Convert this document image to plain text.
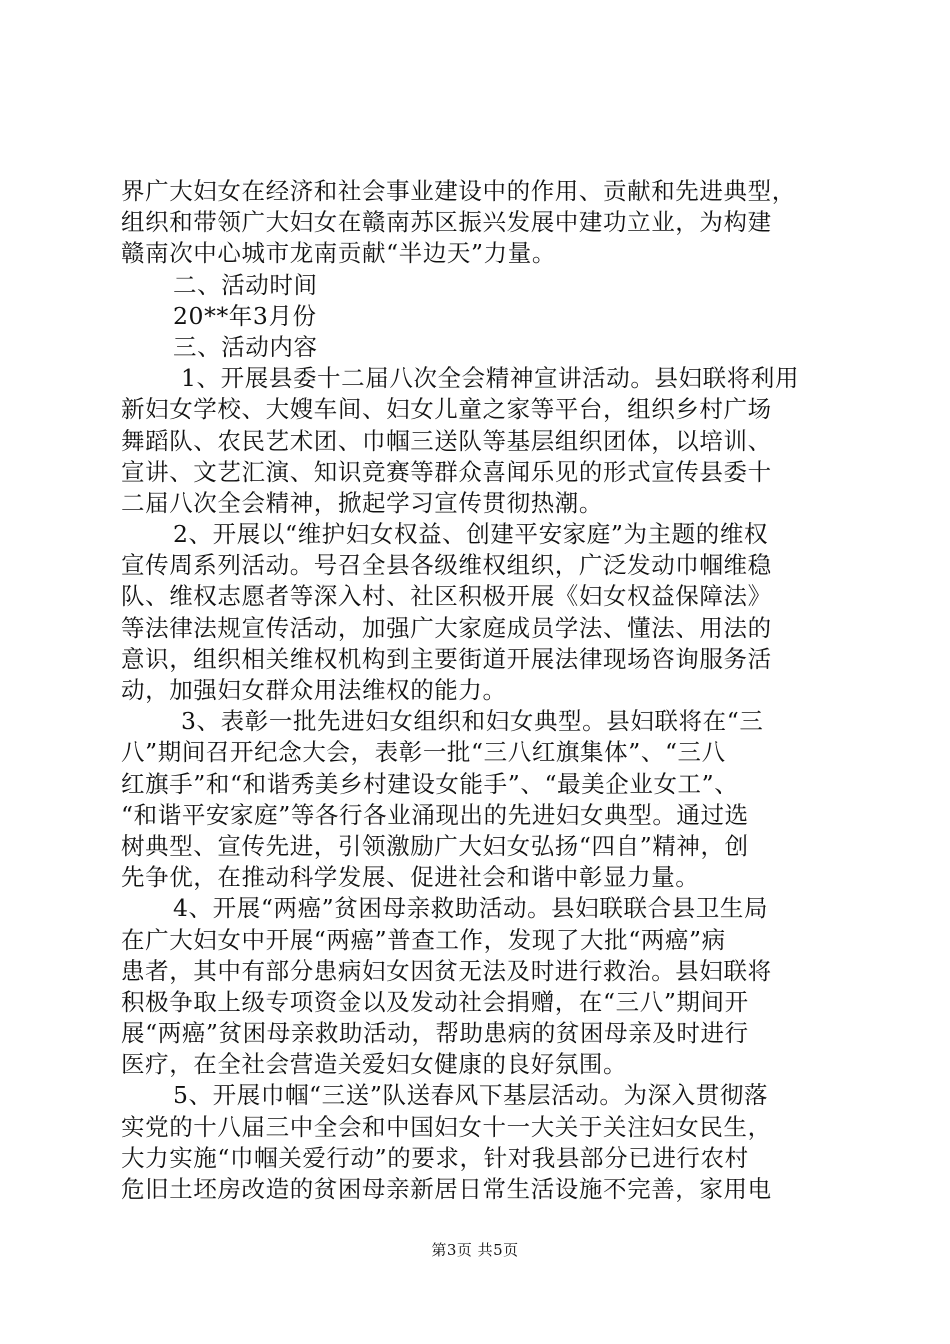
界广大妇女在经济和社会事业建设中的作用、贡献和先进典型，
组织和带领广大妇女在赣南苏区振兴发展中建功立业，为构建
赣南次中心城市龙南贡献“半边天”力量。
二、活动时间
20**年3月份
三、活动内容
1、开展县委十二届八次全会精神宣讲活动。县妇联将利用
新妇女学校、大嫂车间、妇女儿童之家等平台，组织乡村广场
舞蹈队、农民艺术团、巾帼三送队等基层组织团体，以培训、
宣讲、文艺汇演、知识竞赛等群众喜闻乐见的形式宣传县委十
二届八次全会精神，掀起学习宣传贯彻热潮。
2、开展以“维护妇女权益、创建平安家庭”为主题的维权
宣传周系列活动。号召全县各级维权组织，广泛发动巾帼维稳
队、维权志愿者等深入村、社区积极开展《妇女权益保障法》
等法律法规宣传活动，加强广大家庭成员学法、懂法、用法的
意识，组织相关维权机构到主要街道开展法律现场咨询服务活
动，加强妇女群众用法维权的能力。
3、表彰一批先进妇女组织和妇女典型。县妇联将在“三
八”期间召开纪念大会，表彰一批“三八红旗集体”、“三八
红旗手”和“和谐秀美乡村建设女能手”、“最美企业女工”、
“和谐平安家庭”等各行各业涌现出的先进妇女典型。通过选
树典型、宣传先进，引领激励广大妇女弘扬“四自”精神，创
先争优，在推动科学发展、促进社会和谐中彰显力量。
4、开展“两癌”贫困母亲救助活动。县妇联联合县卫生局
在广大妇女中开展“两癌”普查工作，发现了大批“两癌”病
患者，其中有部分患病妇女因贫无法及时进行救治。县妇联将
积极争取上级专项资金以及发动社会捐赠，在“三八”期间开
展“两癌”贫困母亲救助活动，帮助患病的贫困母亲及时进行
医疗，在全社会营造关爱妇女健康的良好氛围。
5、开展巾帼“三送”队送春风下基层活动。为深入贯彻落
实党的十八届三中全会和中国妇女十一大关于关注妇女民生，
大力实施“巾帼关爱行动”的要求，针对我县部分已进行农村
危旧土坯房改造的贫困母亲新居日常生活设施不完善，家用电
第3页 共5页
